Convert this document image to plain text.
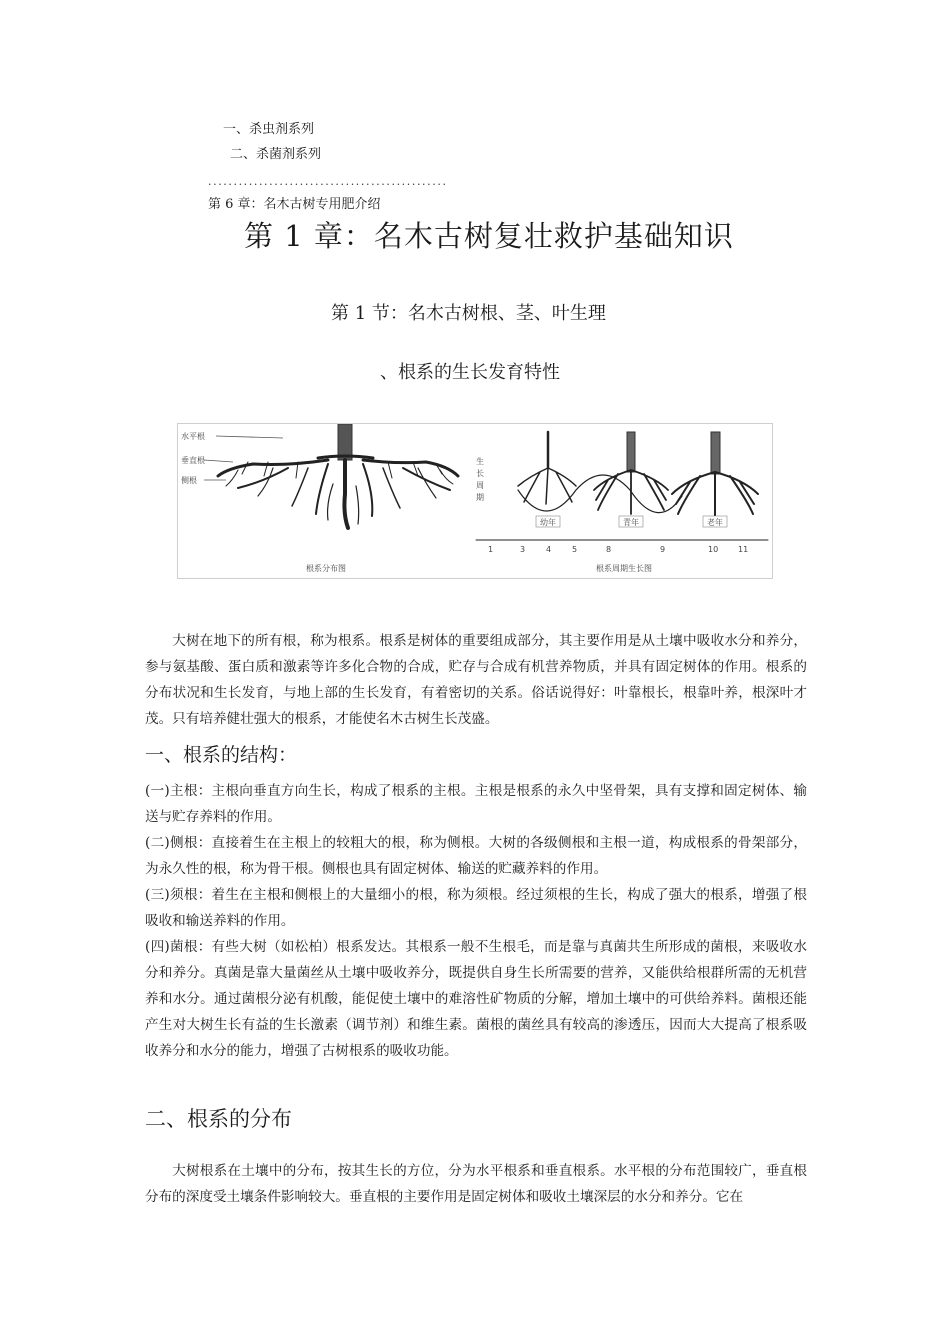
一、杀虫剂系列
二、杀菌剂系列
...............................................
第 6 章：名木古树专用肥介绍
第 1 章：名木古树复壮救护基础知识
第 1 节：名木古树根、茎、叶生理
、根系的生长发育特性
水平根
垂直根
侧根
根系分布图
生
长
周
期
幼年	青年	老年
1	3	4	5	8	9	10 11
根系周期生长图

大树在地下的所有根，称为根系。根系是树体的重要组成部分，其主要作用是从土壤中吸收水分和养分，参与氨基酸、蛋白质和激素等许多化合物的合成，贮存与合成有机营养物质，并具有固定树体的作用。根系的分布状况和生长发育，与地上部的生长发育，有着密切的关系。俗话说得好：叶靠根长，根靠叶养，根深叶才茂。只有培养健壮强大的根系，才能使名木古树生长茂盛。

一、根系的结构：

(一)主根：主根向垂直方向生长，构成了根系的主根。主根是根系的永久中坚骨架，具有支撑和固定树体、输送与贮存养料的作用。

(二)侧根：直接着生在主根上的较粗大的根，称为侧根。大树的各级侧根和主根一道，构成根系的骨架部分，为永久性的根，称为骨干根。侧根也具有固定树体、输送的贮藏养料的作用。

(三)须根：着生在主根和侧根上的大量细小的根，称为须根。经过须根的生长，构成了强大的根系，增强了根吸收和输送养料的作用。

(四)菌根：有些大树（如松柏）根系发达。其根系一般不生根毛，而是靠与真菌共生所形成的菌根，来吸收水分和养分。真菌是靠大量菌丝从土壤中吸收养分，既提供自身生长所需要的营养，又能供给根群所需的无机营养和水分。通过菌根分泌有机酸，能促使土壤中的难溶性矿物质的分解，增加土壤中的可供给养料。菌根还能产生对大树生长有益的生长激素（调节剂）和维生素。菌根的菌丝具有较高的渗透压，因而大大提高了根系吸收养分和水分的能力，增强了古树根系的吸收功能。

二、根系的分布

大树根系在土壤中的分布，按其生长的方位，分为水平根系和垂直根系。水平根的分布范围较广，垂直根分布的深度受土壤条件影响较大。垂直根的主要作用是固定树体和吸收土壤深层的水分和养分。它在
